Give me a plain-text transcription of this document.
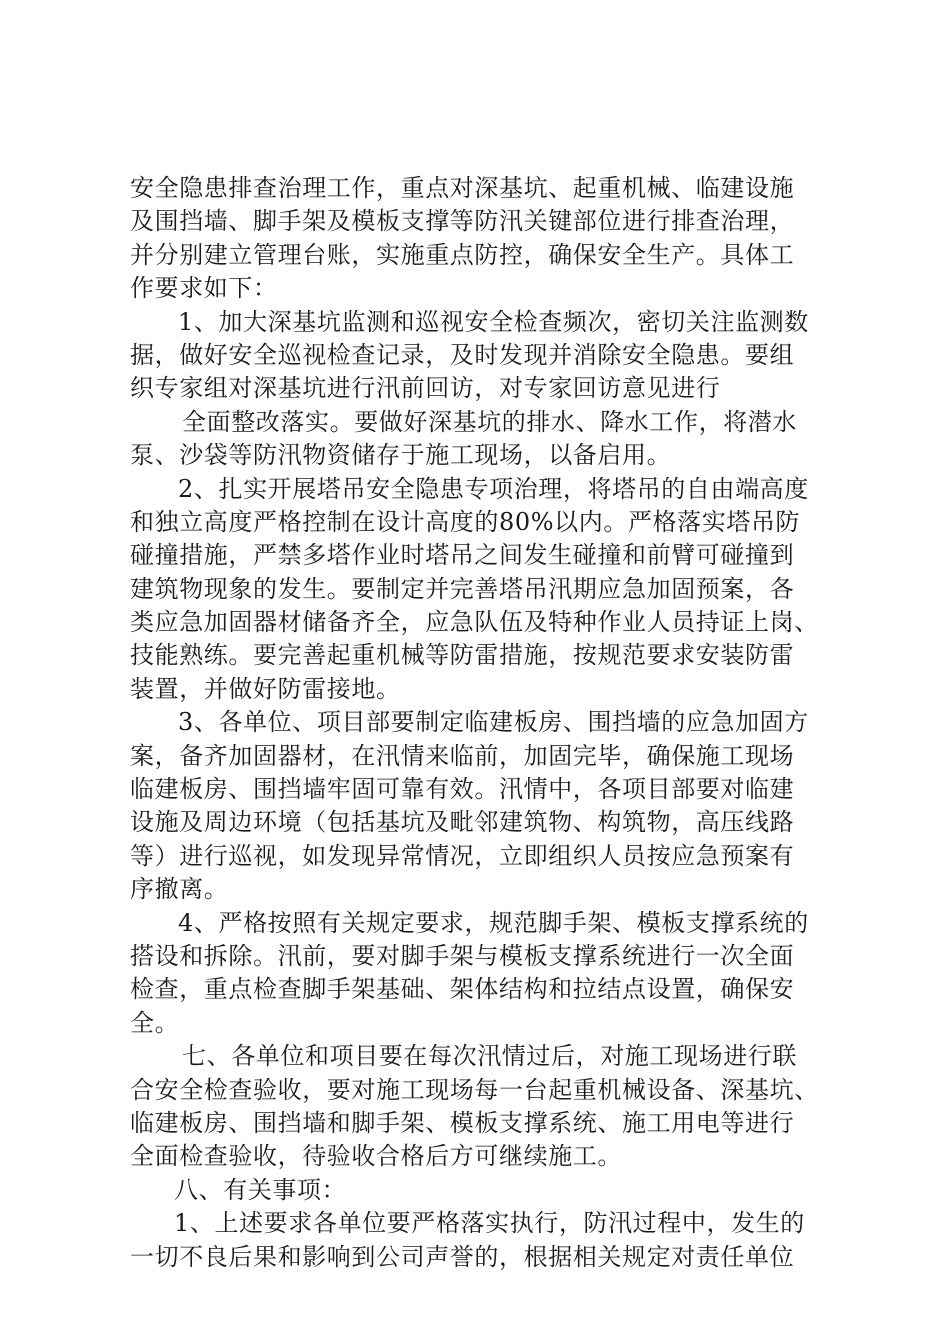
安全隐患排查治理工作，重点对深基坑、起重机械、临建设施
及围挡墙、脚手架及模板支撑等防汛关键部位进行排查治理，
并分别建立管理台账，实施重点防控，确保安全生产。具体工
作要求如下：
1、加大深基坑监测和巡视安全检查频次，密切关注监测数
据，做好安全巡视检查记录，及时发现并消除安全隐患。要组
织专家组对深基坑进行汛前回访，对专家回访意见进行
全面整改落实。要做好深基坑的排水、降水工作，将潜水
泵、沙袋等防汛物资储存于施工现场，以备启用。
2、扎实开展塔吊安全隐患专项治理，将塔吊的自由端高度
和独立高度严格控制在设计高度的80%以内。严格落实塔吊防
碰撞措施，严禁多塔作业时塔吊之间发生碰撞和前臂可碰撞到
建筑物现象的发生。要制定并完善塔吊汛期应急加固预案，各
类应急加固器材储备齐全，应急队伍及特种作业人员持证上岗、
技能熟练。要完善起重机械等防雷措施，按规范要求安装防雷
装置，并做好防雷接地。
3、各单位、项目部要制定临建板房、围挡墙的应急加固方
案，备齐加固器材，在汛情来临前，加固完毕，确保施工现场
临建板房、围挡墙牢固可靠有效。汛情中，各项目部要对临建
设施及周边环境（包括基坑及毗邻建筑物、构筑物，高压线路
等）进行巡视，如发现异常情况，立即组织人员按应急预案有
序撤离。
4、严格按照有关规定要求，规范脚手架、模板支撑系统的
搭设和拆除。汛前，要对脚手架与模板支撑系统进行一次全面
检查，重点检查脚手架基础、架体结构和拉结点设置，确保安
全。
七、各单位和项目要在每次汛情过后，对施工现场进行联
合安全检查验收，要对施工现场每一台起重机械设备、深基坑、
临建板房、围挡墙和脚手架、模板支撑系统、施工用电等进行
全面检查验收，待验收合格后方可继续施工。
八、有关事项：
1、上述要求各单位要严格落实执行，防汛过程中，发生的
一切不良后果和影响到公司声誉的，根据相关规定对责任单位
